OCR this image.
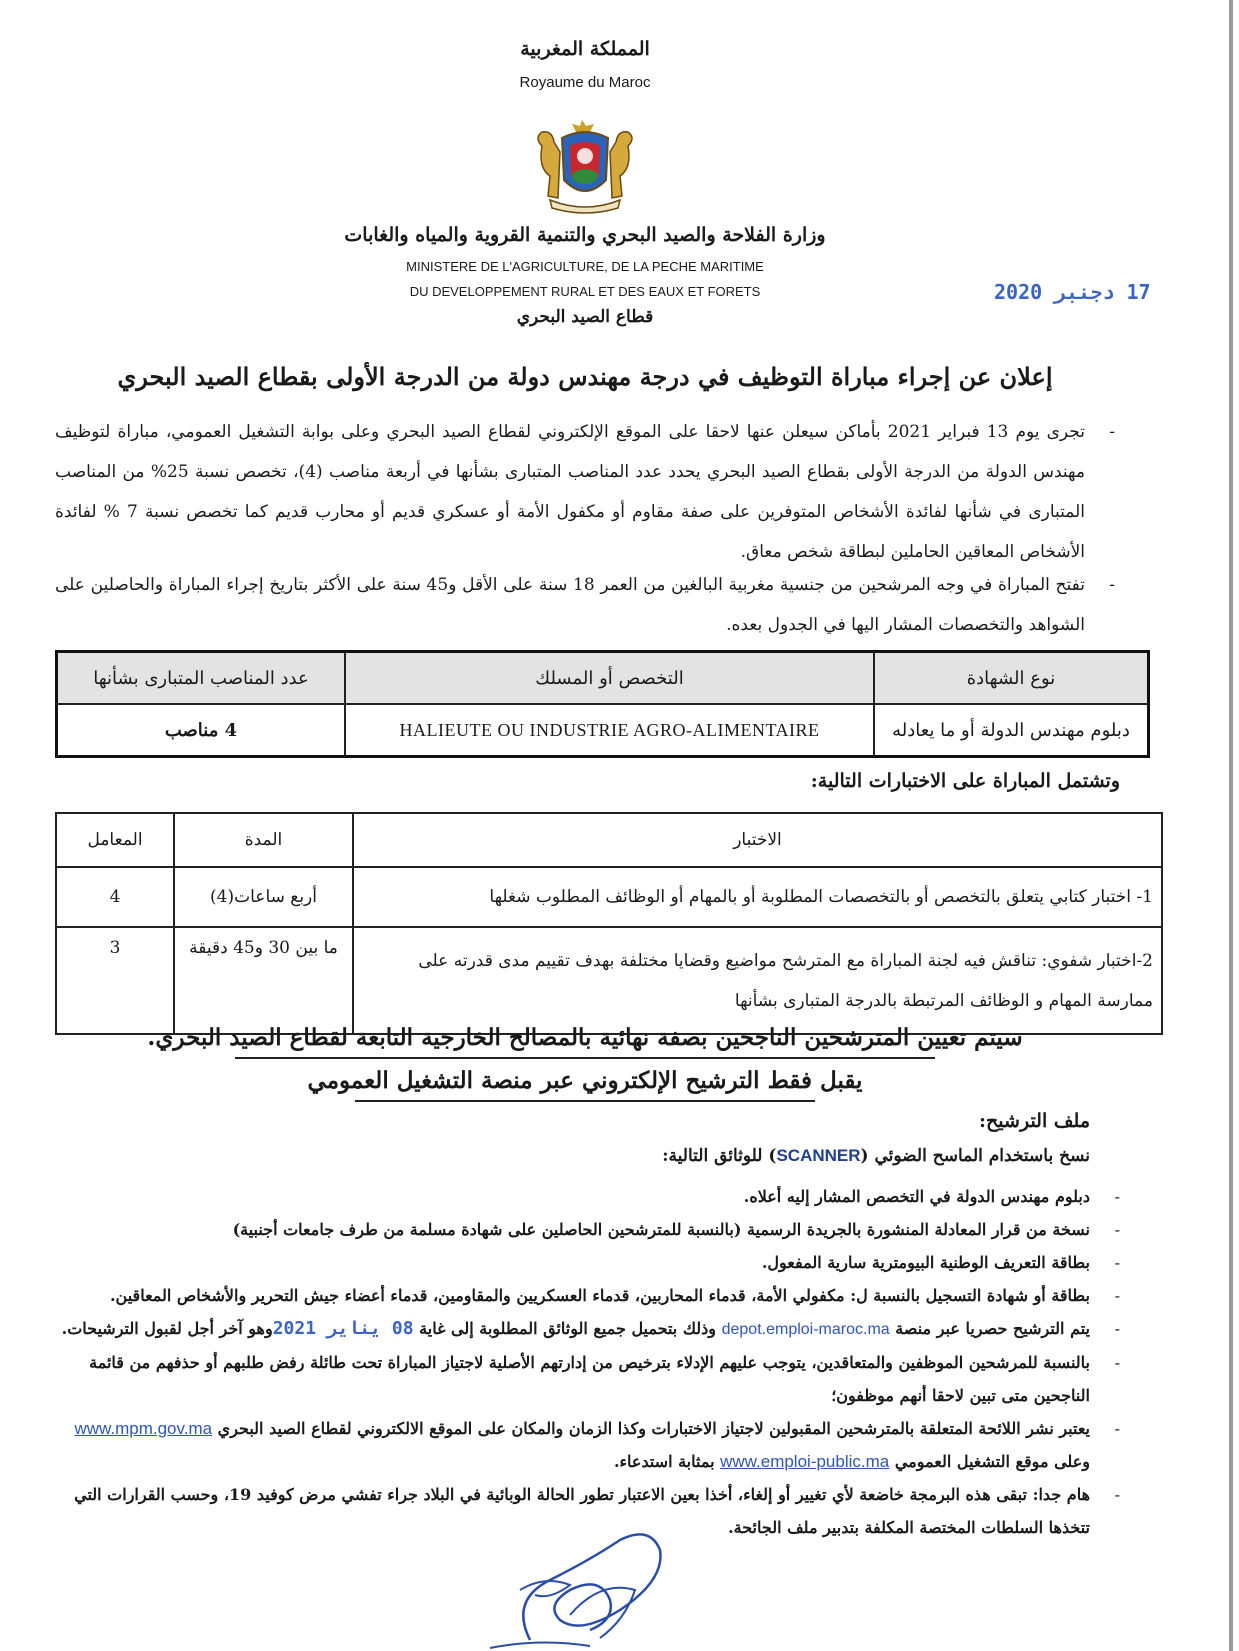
المملكة المغربية
Royaume du Maroc
وزارة الفلاحة والصيد البحري والتنمية القروية والمياه والغابات
MINISTERE DE L'AGRICULTURE, DE LA PECHE MARITIME
DU DEVELOPPEMENT RURAL ET DES EAUX ET FORETS
قطاع الصيد البحري
17 دجنبر 2020
إعلان عن إجراء مباراة التوظيف في درجة مهندس دولة من الدرجة الأولى بقطاع الصيد البحري
-
تجرى يوم 13 فبراير 2021 بأماكن سيعلن عنها لاحقا على الموقع الإلكتروني لقطاع الصيد البحري وعلى بوابة التشغيل العمومي، مباراة لتوظيف مهندس الدولة من الدرجة الأولى بقطاع الصيد البحري يحدد عدد المناصب المتبارى بشأنها في أربعة مناصب (4)، تخصص نسبة 25% من المناصب المتبارى في شأنها لفائدة الأشخاص المتوفرين على صفة مقاوم أو مكفول الأمة أو عسكري قديم أو محارب قديم كما تخصص نسبة 7 % لفائدة الأشخاص المعاقين الحاملين لبطاقة شخص معاق.
-
تفتح المباراة في وجه المرشحين من جنسية مغربية البالغين من العمر 18 سنة على الأقل و45 سنة على الأكثر بتاريخ إجراء المباراة والحاصلين على الشواهد والتخصصات المشار اليها في الجدول بعده.
نوع الشهادة	التخصص أو المسلك	عدد المناصب المتبارى بشأنها
دبلوم مهندس الدولة أو ما يعادله	HALIEUTE OU INDUSTRIE AGRO-ALIMENTAIRE	4 مناصب
وتشتمل المباراة على الاختبارات التالية:
الاختبار	المدة	المعامل
1- اختبار كتابي يتعلق بالتخصص أو بالتخصصات المطلوبة أو بالمهام أو الوظائف المطلوب شغلها	أربع ساعات(4)	4
2-اختبار شفوي: تناقش فيه لجنة المباراة مع المترشح مواضيع وقضايا مختلفة بهدف تقييم مدى قدرته على ممارسة المهام و الوظائف المرتبطة بالدرجة المتبارى بشأنها	ما بين 30 و45 دقيقة	3
سيتم تعيين المترشحين الناجحين بصفة نهائية بالمصالح الخارجية التابعة لقطاع الصيد البحري.
يقبل فقط الترشيح الإلكتروني عبر منصة التشغيل العمومي
ملف الترشيح:
نسخ باستخدام الماسح الضوئي (SCANNER) للوثائق التالية:
-
دبلوم مهندس الدولة في التخصص المشار إليه أعلاه.
-
نسخة من قرار المعادلة المنشورة بالجريدة الرسمية (بالنسبة للمترشحين الحاصلين على شهادة مسلمة من طرف جامعات أجنبية)
-
بطاقة التعريف الوطنية البيومترية سارية المفعول.
-
بطاقة أو شهادة التسجيل بالنسبة ل: مكفولي الأمة، قدماء المحاربين، قدماء العسكريين والمقاومين، قدماء أعضاء جيش التحرير والأشخاص المعاقين.
-
يتم الترشيح حصريا عبر منصة depot.emploi-maroc.ma وذلك بتحميل جميع الوثائق المطلوبة إلى غاية 08 يناير 2021وهو آخر أجل لقبول الترشيحات.
-
بالنسبة للمرشحين الموظفين والمتعاقدين، يتوجب عليهم الإدلاء بترخيص من إدارتهم الأصلية لاجتياز المباراة تحت طائلة رفض طلبهم أو حذفهم من قائمة الناجحين متى تبين لاحقا أنهم موظفون؛
-
يعتبر نشر اللائحة المتعلقة بالمترشحين المقبولين لاجتياز الاختبارات وكذا الزمان والمكان على الموقع الالكتروني لقطاع الصيد البحري www.mpm.gov.ma وعلى موقع التشغيل العمومي www.emploi-public.ma بمثابة استدعاء.
-
هام جدا: تبقى هذه البرمجة خاضعة لأي تغيير أو إلغاء، أخذا بعين الاعتبار تطور الحالة الوبائية في البلاد جراء تفشي مرض كوفيد 19، وحسب القرارات التي تتخذها السلطات المختصة المكلفة بتدبير ملف الجائحة.
